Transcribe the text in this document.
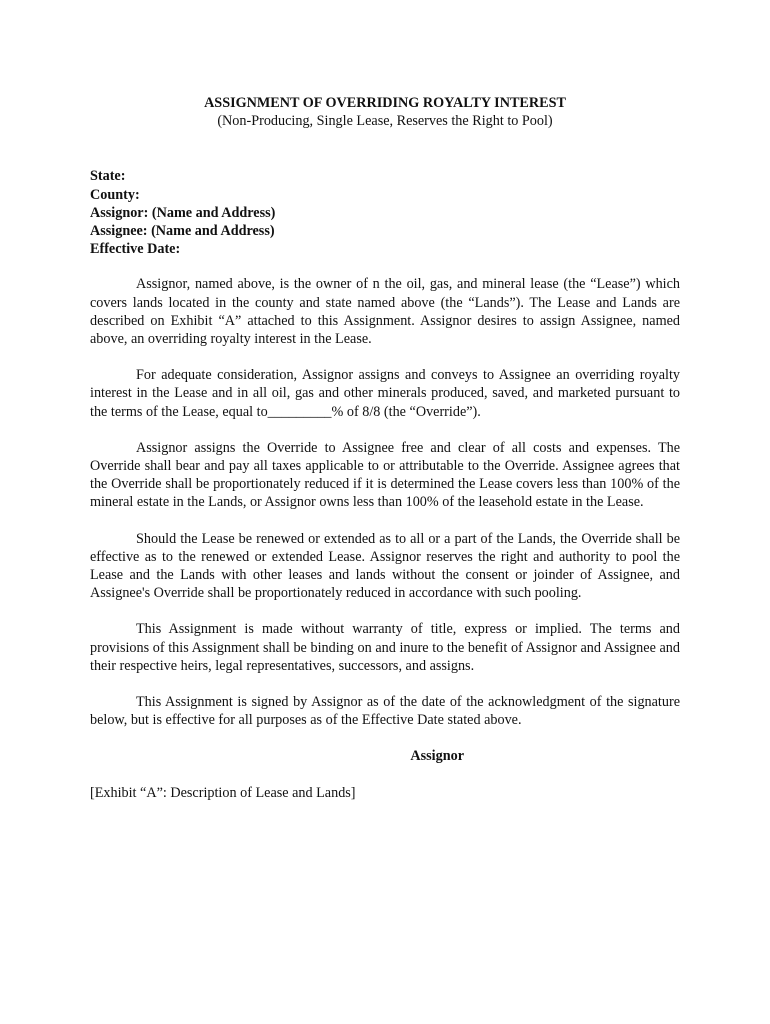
ASSIGNMENT OF OVERRIDING ROYALTY INTEREST

(Non-Producing, Single Lease, Reserves the Right to Pool)

State:

County:

Assignor: (Name and Address)

Assignee: (Name and Address)

Effective Date:

Assignor, named above, is the owner of n the oil, gas, and mineral lease (the “Lease”) which covers lands located in the county and state named above (the “Lands”). The Lease and Lands are described on Exhibit “A” attached to this Assignment. Assignor desires to assign Assignee, named above, an overriding royalty interest in the Lease.

For adequate consideration, Assignor assigns and conveys to Assignee an overriding royalty interest in the Lease and in all oil, gas and other minerals produced, saved, and marketed pursuant to the terms of the Lease, equal to_________% of 8/8 (the “Override”).

Assignor assigns the Override to Assignee free and clear of all costs and expenses. The Override shall bear and pay all taxes applicable to or attributable to the Override. Assignee agrees that the Override shall be proportionately reduced if it is determined the Lease covers less than 100% of the mineral estate in the Lands, or Assignor owns less than 100% of the leasehold estate in the Lease.

Should the Lease be renewed or extended as to all or a part of the Lands, the Override shall be effective as to the renewed or extended Lease. Assignor reserves the right and authority to pool the Lease and the Lands with other leases and lands without the consent or joinder of Assignee, and Assignee's Override shall be proportionately reduced in accordance with such pooling.

This Assignment is made without warranty of title, express or implied. The terms and provisions of this Assignment shall be binding on and inure to the benefit of Assignor and Assignee and their respective heirs, legal representatives, successors, and assigns.

This Assignment is signed by Assignor as of the date of the acknowledgment of the signature below, but is effective for all purposes as of the Effective Date stated above.

Assignor

[Exhibit “A”: Description of Lease and Lands]
